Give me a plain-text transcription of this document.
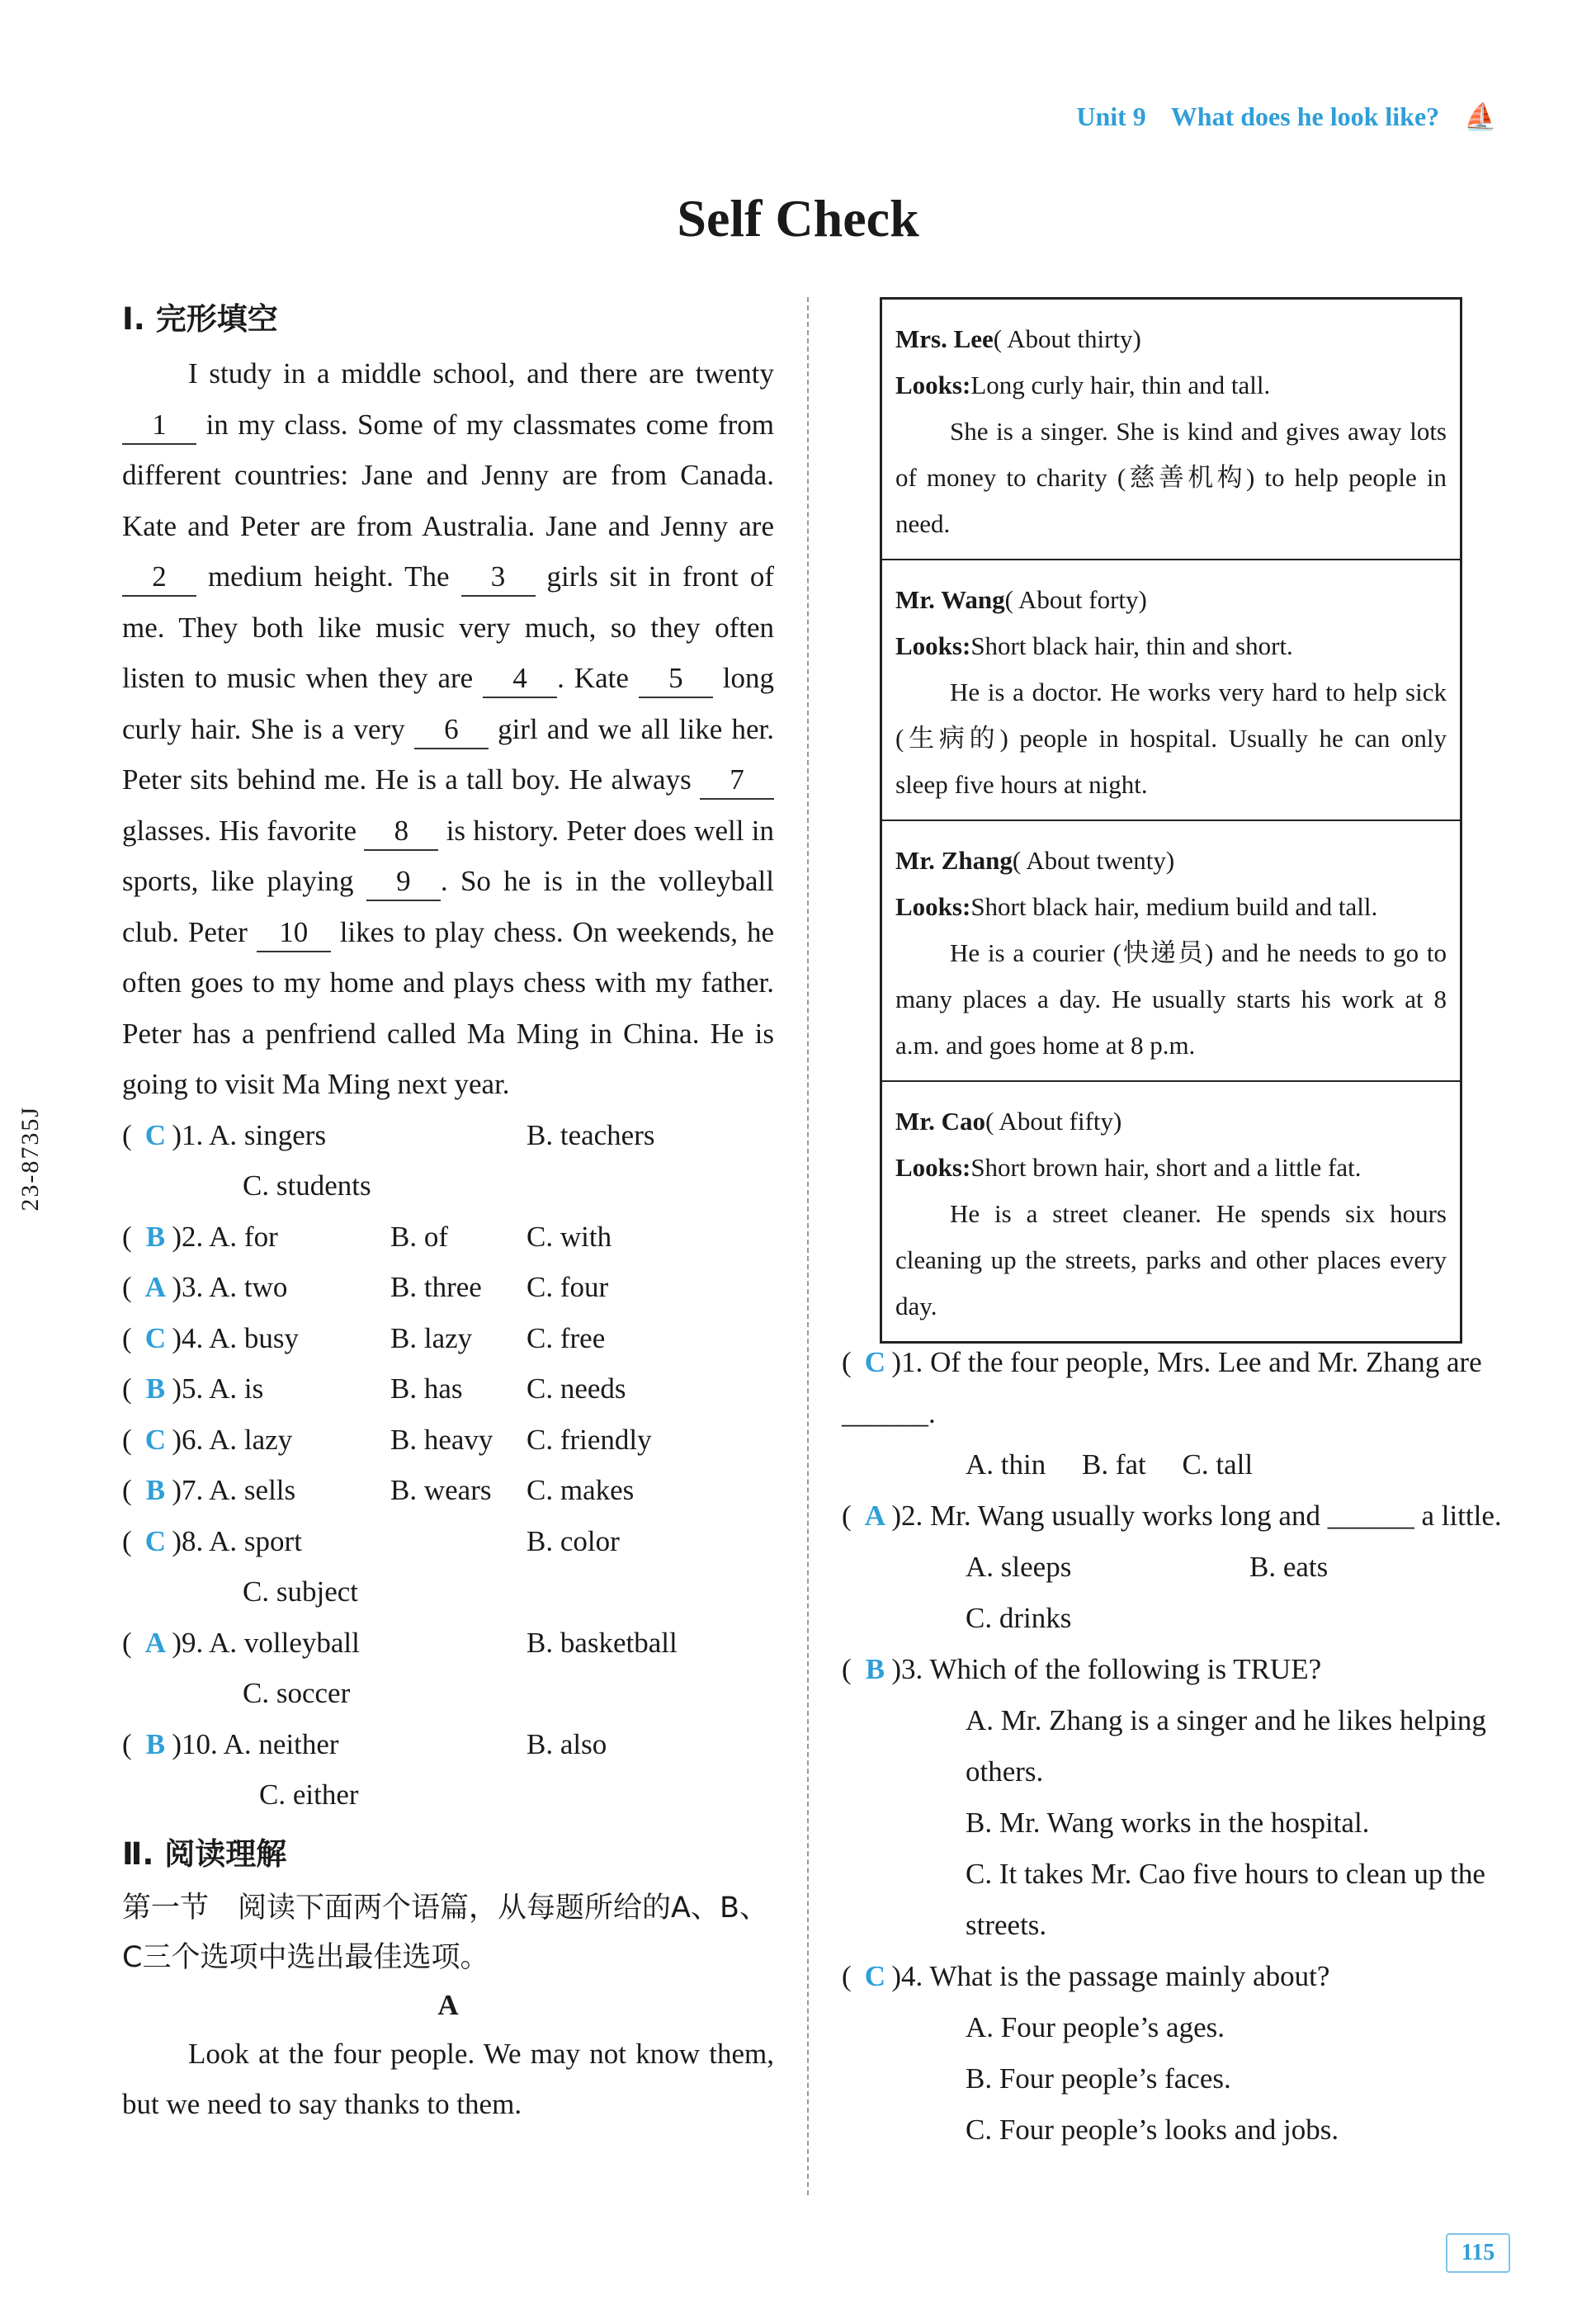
Unit 9 What does he look like? ⛵
Self Check
23-8735J
Ⅰ. 完形填空
I study in a middle school, and there are twenty 1 in my class. Some of my classmates come from different countries: Jane and Jenny are from Canada. Kate and Peter are from Australia. Jane and Jenny are 2 medium height. The 3 girls sit in front of me. They both like music very much, so they often listen to music when they are 4 . Kate 5 long curly hair. She is a very 6 girl and we all like her. Peter sits behind me. He is a tall boy. He always 7 glasses. His favorite 8 is history. Peter does well in sports, like playing 9 . So he is in the volleyball club. Peter 10 likes to play chess. On weekends, he often goes to my home and plays chess with my father. Peter has a penfriend called Ma Ming in China. He is going to visit Ma Ming next year.
( C )1. A. singers	B. teachers
C. students
( B )2. A. for	B. of	C. with
( A )3. A. two	B. three C. four
( C )4. A. busy	B. lazy C. free
( B )5. A. is	B. has C. needs
( C )6. A. lazy	B. heavy C. friendly
( B )7. A. sells	B. wears C. makes
( C )8. A. sport	B. color
C. subject
( A )9. A. volleyball	B. basketball
C. soccer
( B )10. A. neither	B. also
C. either
Ⅱ. 阅读理解
第一节　阅读下面两个语篇，从每题所给的A、B、C三个选项中选出最佳选项。
A
Look at the four people. We may not know them, but we need to say thanks to them.
Mrs. Lee( About thirty)
Looks:Long curly hair, thin and tall.
She is a singer. She is kind and gives away lots of money to charity (慈善机构) to help people in need.
Mr. Wang( About forty)
Looks:Short black hair, thin and short.
He is a doctor. He works very hard to help sick (生病的) people in hospital. Usually he can only sleep five hours at night.
Mr. Zhang( About twenty)
Looks:Short black hair, medium build and tall.
He is a courier (快递员) and he needs to go to many places a day. He usually starts his work at 8 a.m. and goes home at 8 p.m.
Mr. Cao( About fifty)
Looks:Short brown hair, short and a little fat.
He is a street cleaner. He spends six hours cleaning up the streets, parks and other places every day.
( C )1. Of the four people, Mrs. Lee and Mr. Zhang are ______.
A. thin B. fat C. tall
( A )2. Mr. Wang usually works long and ______ a little.
A. sleeps	B. eats
C. drinks
( B )3. Which of the following is TRUE?
A. Mr. Zhang is a singer and he likes helping others.
B. Mr. Wang works in the hospital.
C. It takes Mr. Cao five hours to clean up the streets.
( C )4. What is the passage mainly about?
A. Four people’s ages.
B. Four people’s faces.
C. Four people’s looks and jobs.
115
